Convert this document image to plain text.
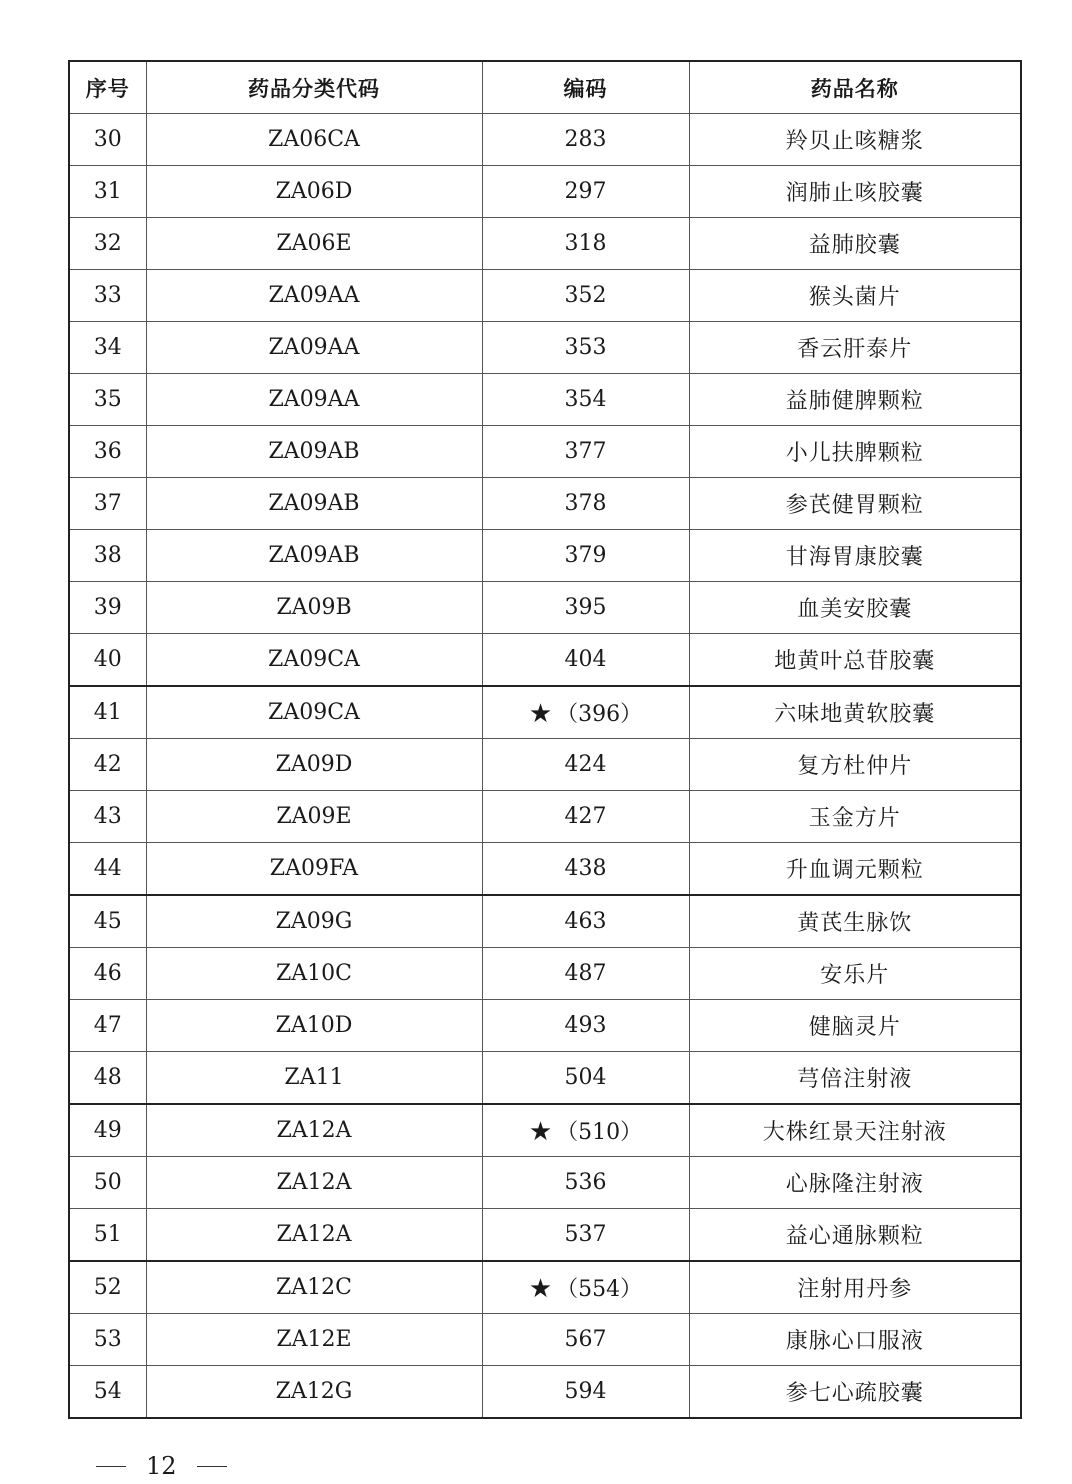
序号	药品分类代码	编码	药品名称
30	ZA06CA	283	羚贝止咳糖浆
31	ZA06D	297	润肺止咳胶囊
32	ZA06E	318	益肺胶囊
33	ZA09AA	352	猴头菌片
34	ZA09AA	353	香云肝泰片
35	ZA09AA	354	益肺健脾颗粒
36	ZA09AB	377	小儿扶脾颗粒
37	ZA09AB	378	参芪健胃颗粒
38	ZA09AB	379	甘海胃康胶囊
39	ZA09B	395	血美安胶囊
40	ZA09CA	404	地黄叶总苷胶囊
41	ZA09CA	★ （396）	六味地黄软胶囊
42	ZA09D	424	复方杜仲片
43	ZA09E	427	玉金方片
44	ZA09FA	438	升血调元颗粒
45	ZA09G	463	黄芪生脉饮
46	ZA10C	487	安乐片
47	ZA10D	493	健脑灵片
48	ZA11	504	芎倍注射液
49	ZA12A	★ （510）	大株红景天注射液
50	ZA12A	536	心脉隆注射液
51	ZA12A	537	益心通脉颗粒
52	ZA12C	★ （554）	注射用丹参
53	ZA12E	567	康脉心口服液
54	ZA12G	594	参七心疏胶囊
12
